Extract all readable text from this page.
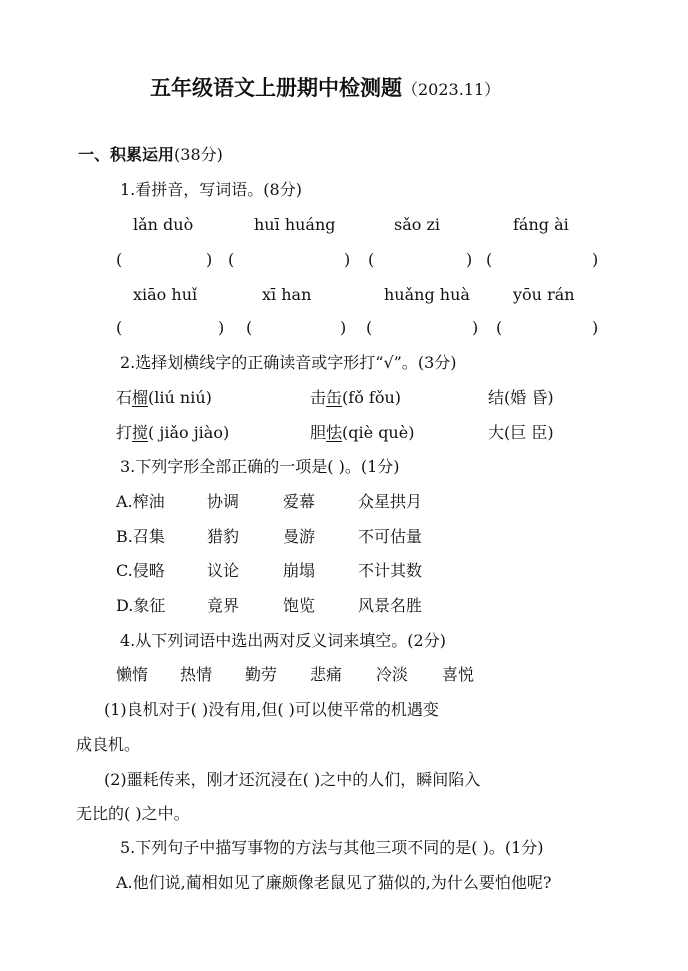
五年级语文上册期中检测题（2023.11）
一、积累运用(38分)
1.看拼音，写词语。(8分)
lǎn duò	huī huáng	sǎo zi	fáng ài
(	) (	) (	) (	)
xiāo huǐ	xī han	huǎng huà	yōu rán
(	) (	) (	) (	)
2.选择划横线字的正确读音或字形打“√”。(3分)
石榴(liú niú)	击缶(fǒ fǒu)	结(婚 昏)
打搅( jiǎo jiào)	胆怯(qiè què)	大(巨 臣)
3.下列字形全部正确的一项是( )。(1分)
A.榨油	协调	爱幕	众星拱月
B.召集	猎豹	曼游	不可估量
C.侵略	议论	崩塌	不计其数
D.象征	竟界	饱览	风景名胜
4.从下列词语中选出两对反义词来填空。(2分)
懒惰 热情 勤劳 悲痛 冷淡 喜悦
(1)良机对于( )没有用,但( )可以使平常的机遇变
成良机。
(2)噩耗传来，刚才还沉浸在( )之中的人们，瞬间陷入
无比的( )之中。
5.下列句子中描写事物的方法与其他三项不同的是( )。(1分)
A.他们说,蔺相如见了廉颇像老鼠见了猫似的,为什么要怕他呢?
